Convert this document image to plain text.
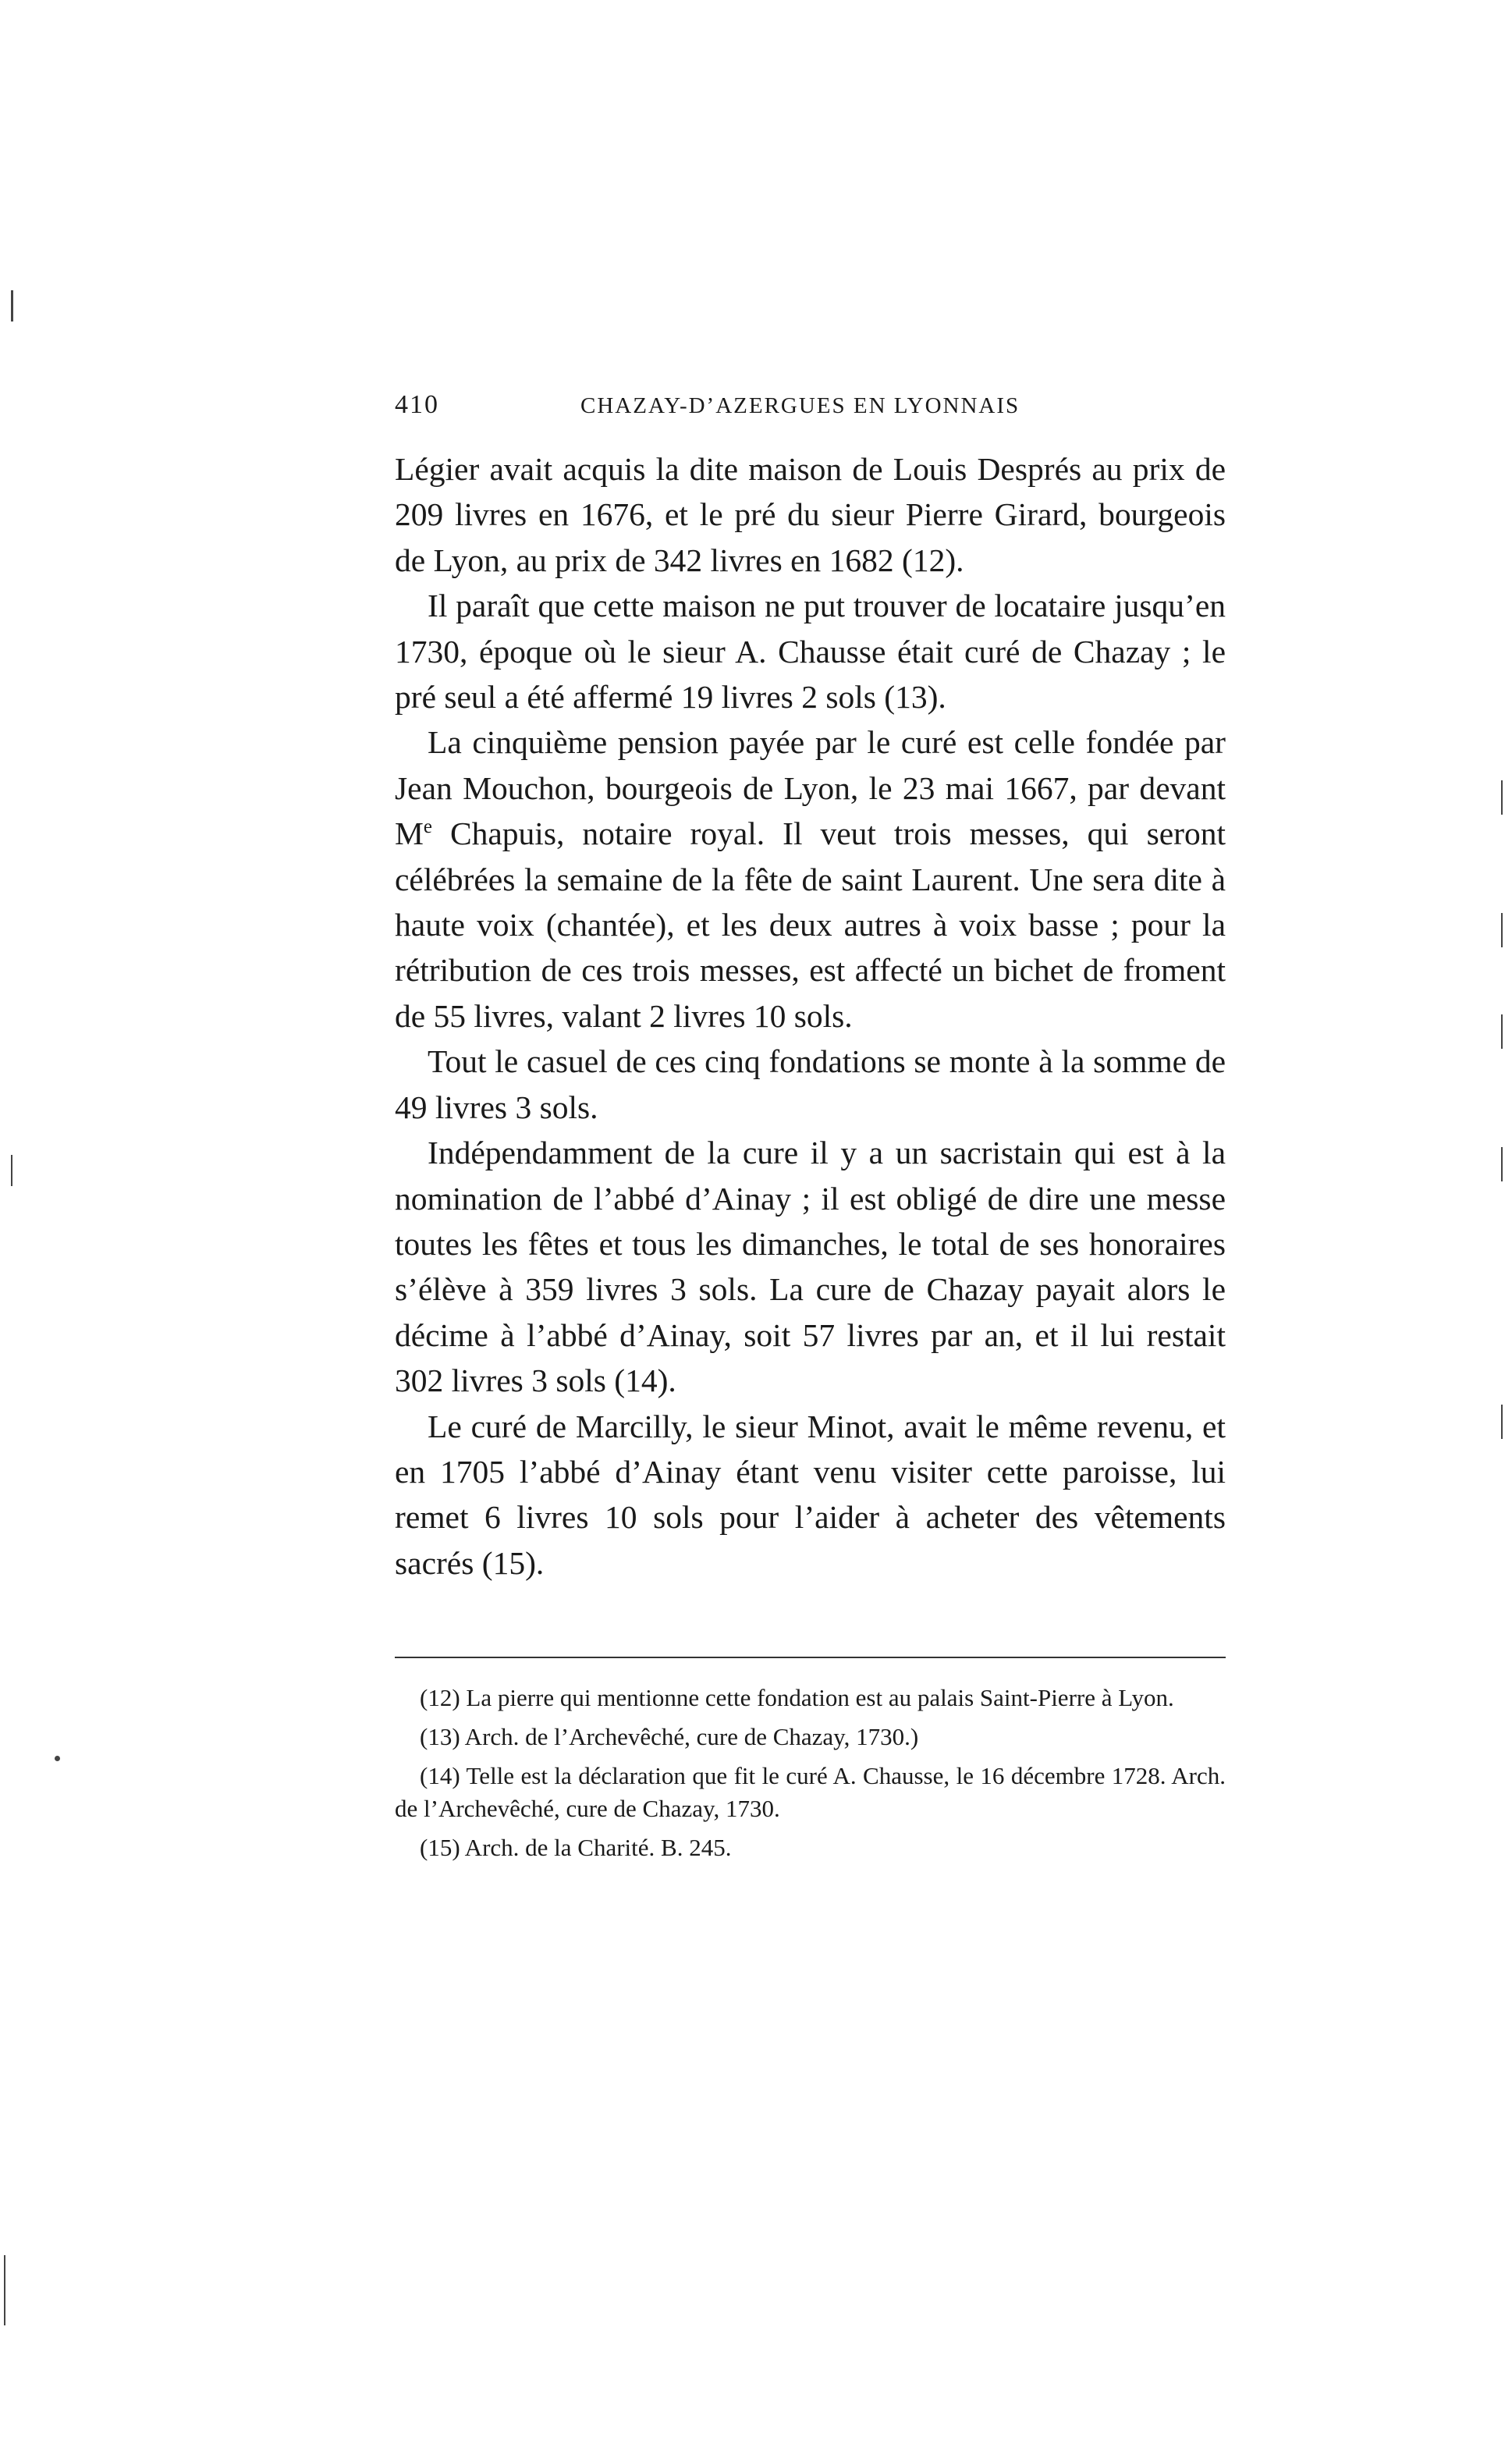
410	CHAZAY-D’AZERGUES EN LYONNAIS

Légier avait acquis la dite maison de Louis Després au prix de 209 livres en 1676, et le pré du sieur Pierre Girard, bourgeois de Lyon, au prix de 342 livres en 1682 (12).

Il paraît que cette maison ne put trouver de locataire jusqu’en 1730, époque où le sieur A. Chausse était curé de Chazay ; le pré seul a été affermé 19 livres 2 sols (13).

La cinquième pension payée par le curé est celle fondée par Jean Mouchon, bourgeois de Lyon, le 23 mai 1667, par devant Me Chapuis, notaire royal. Il veut trois messes, qui seront célébrées la semaine de la fête de saint Laurent. Une sera dite à haute voix (chantée), et les deux autres à voix basse ; pour la rétribution de ces trois messes, est affecté un bichet de froment de 55 livres, valant 2 livres 10 sols.

Tout le casuel de ces cinq fondations se monte à la somme de 49 livres 3 sols.

Indépendamment de la cure il y a un sacristain qui est à la nomination de l’abbé d’Ainay ; il est obligé de dire une messe toutes les fêtes et tous les dimanches, le total de ses honoraires s’élève à 359 livres 3 sols. La cure de Chazay payait alors le décime à l’abbé d’Ainay, soit 57 livres par an, et il lui restait 302 livres 3 sols (14).

Le curé de Marcilly, le sieur Minot, avait le même revenu, et en 1705 l’abbé d’Ainay étant venu visiter cette paroisse, lui remet 6 livres 10 sols pour l’aider à acheter des vêtements sacrés (15).

(12) La pierre qui mentionne cette fondation est au palais Saint-Pierre à Lyon.

(13) Arch. de l’Archevêché, cure de Chazay, 1730.)

(14) Telle est la déclaration que fit le curé A. Chausse, le 16 décembre 1728. Arch. de l’Archevêché, cure de Chazay, 1730.

(15) Arch. de la Charité. B. 245.
